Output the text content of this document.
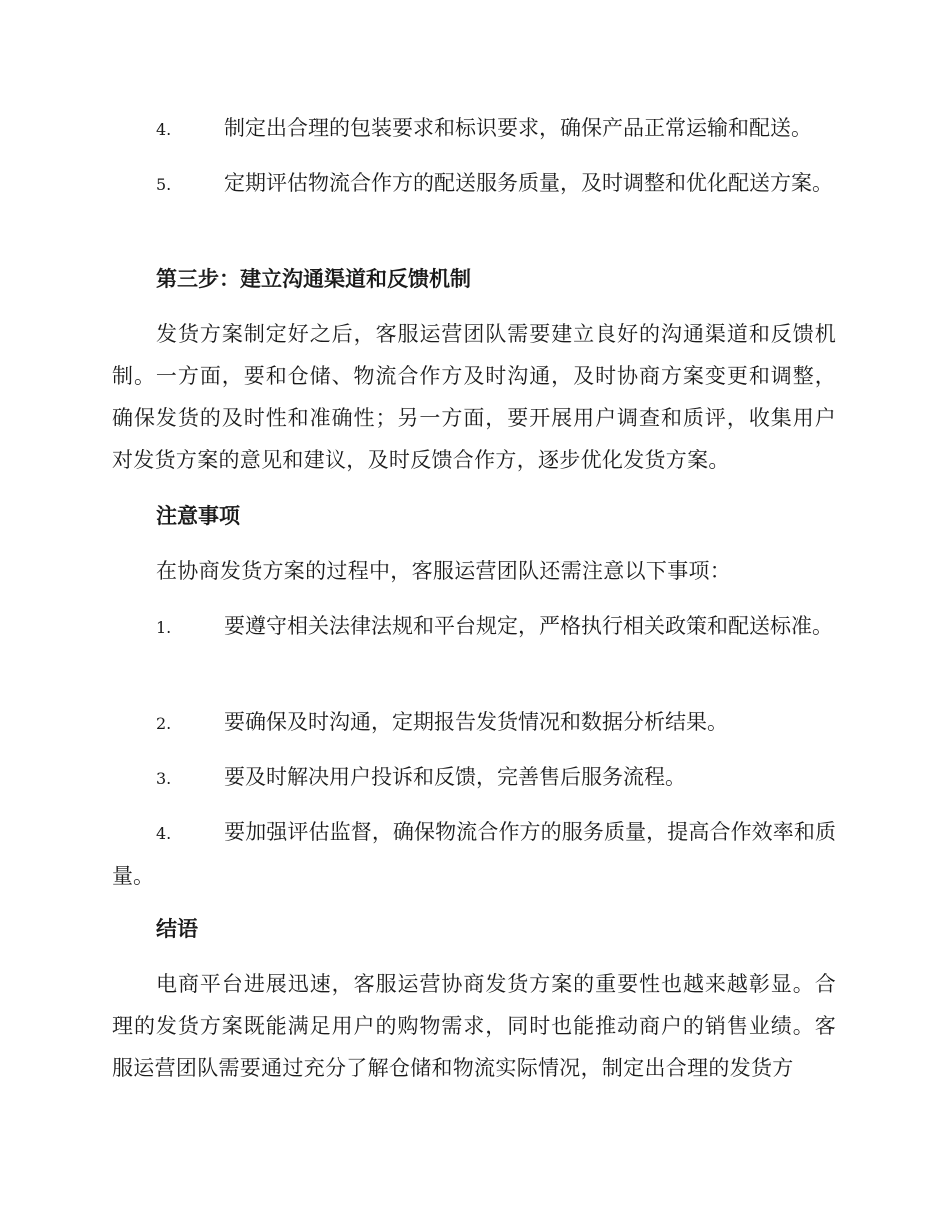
4.	制定出合理的包装要求和标识要求，确保产品正常运输和配送。
5.	定期评估物流合作方的配送服务质量，及时调整和优化配送方案。
第三步：建立沟通渠道和反馈机制
发货方案制定好之后，客服运营团队需要建立良好的沟通渠道和反馈机制。一方面，要和仓储、物流合作方及时沟通，及时协商方案变更和调整，确保发货的及时性和准确性；另一方面，要开展用户调查和质评，收集用户对发货方案的意见和建议，及时反馈合作方，逐步优化发货方案。
注意事项
在协商发货方案的过程中，客服运营团队还需注意以下事项：
1.	要遵守相关法律法规和平台规定，严格执行相关政策和配送标准。
2.	要确保及时沟通，定期报告发货情况和数据分析结果。
3.	要及时解决用户投诉和反馈，完善售后服务流程。
4.	要加强评估监督，确保物流合作方的服务质量，提高合作效率和质量。
结语
电商平台进展迅速，客服运营协商发货方案的重要性也越来越彰显。合理的发货方案既能满足用户的购物需求，同时也能推动商户的销售业绩。客服运营团队需要通过充分了解仓储和物流实际情况，制定出合理的发货方
